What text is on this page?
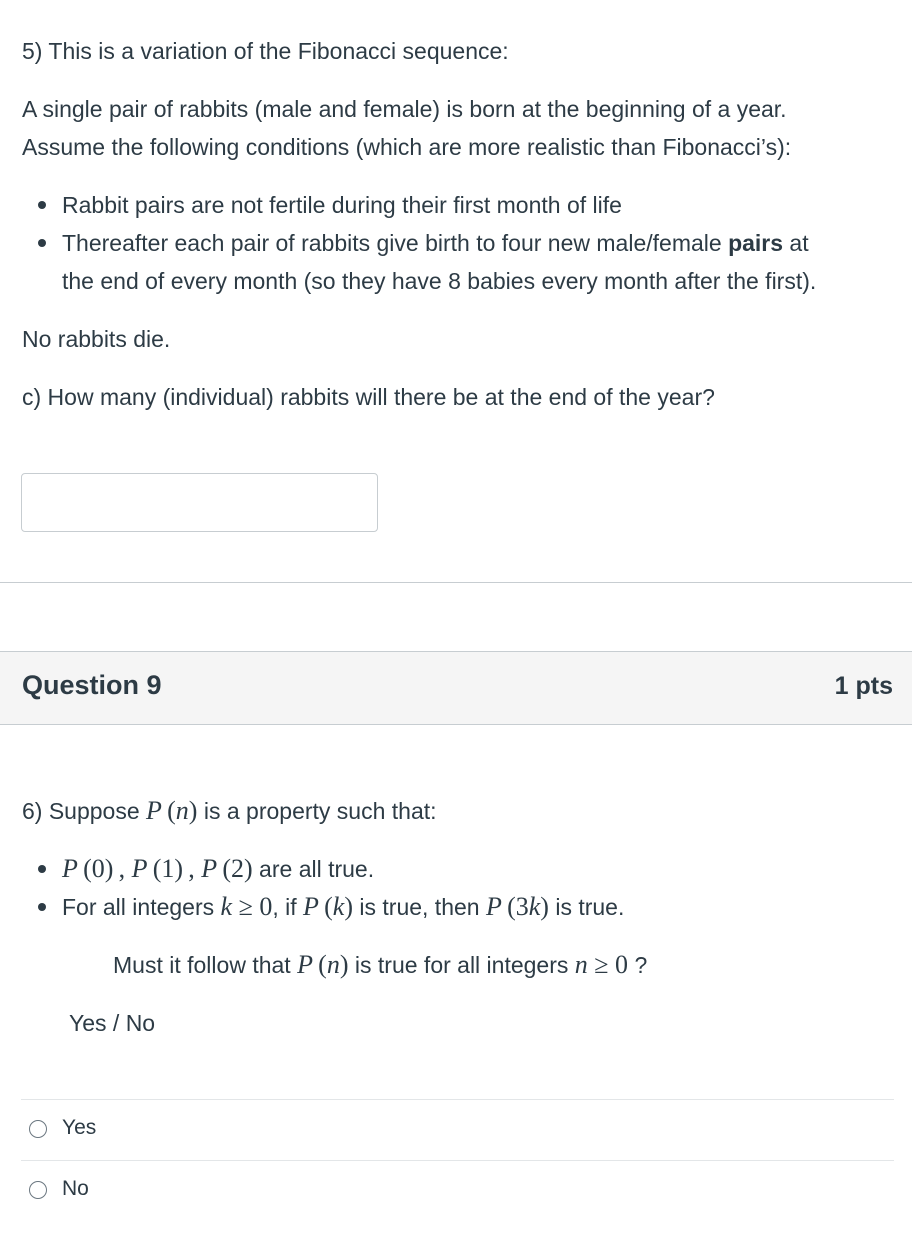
5) This is a variation of the Fibonacci sequence:
A single pair of rabbits (male and female) is born at the beginning of a year.
Assume the following conditions (which are more realistic than Fibonacci’s):
Rabbit pairs are not fertile during their first month of life
Thereafter each pair of rabbits give birth to four new male/female pairs at
the end of every month (so they have 8 babies every month after the first).
No rabbits die.
c) How many (individual) rabbits will there be at the end of the year?
Question 9	1 pts
6) Suppose P (n) is a property such that:
P (0) , P (1) , P (2) are all true.
For all integers k ≥ 0, if P (k) is true, then P (3k) is true.
Must it follow that P (n) is true for all integers n ≥ 0 ?
Yes / No
Yes
No
